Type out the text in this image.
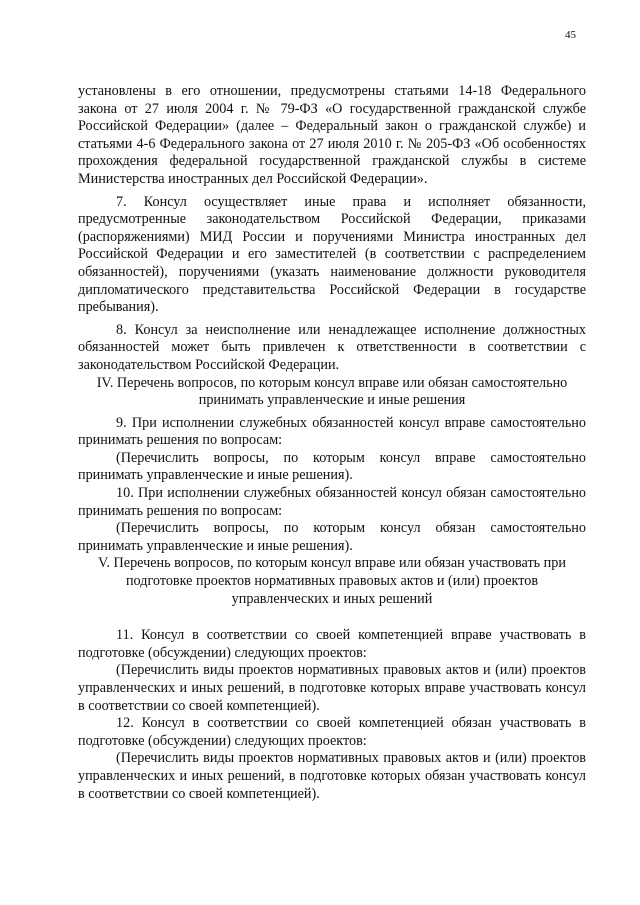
45

установлены в его отношении, предусмотрены статьями 14-18 Федерального закона от 27 июля 2004 г. № 79-ФЗ «О государственной гражданской службе Российской Федерации» (далее – Федеральный закон о гражданской службе) и статьями 4-6 Федерального закона от 27 июля 2010 г. № 205-ФЗ «Об особенностях прохождения федеральной государственной гражданской службы в системе Министерства иностранных дел Российской Федерации».

7. Консул осуществляет иные права и исполняет обязанности, предусмотренные законодательством Российской Федерации, приказами (распоряжениями) МИД России и поручениями Министра иностранных дел Российской Федерации и его заместителей (в соответствии с распределением обязанностей), поручениями (указать наименование должности руководителя дипломатического представительства Российской Федерации в государстве пребывания).

8. Консул за неисполнение или ненадлежащее исполнение должностных обязанностей может быть привлечен к ответственности в соответствии с законодательством Российской Федерации.

IV. Перечень вопросов, по которым консул вправе или обязан самостоятельно принимать управленческие и иные решения

9. При исполнении служебных обязанностей консул вправе самостоятельно принимать решения по вопросам:

(Перечислить вопросы, по которым консул вправе самостоятельно принимать управленческие и иные решения).

10. При исполнении служебных обязанностей консул обязан самостоятельно принимать решения по вопросам:

(Перечислить вопросы, по которым консул обязан самостоятельно принимать управленческие и иные решения).

V. Перечень вопросов, по которым консул вправе или обязан участвовать при подготовке проектов нормативных правовых актов и (или) проектов управленческих и иных решений

11. Консул в соответствии со своей компетенцией вправе участвовать в подготовке (обсуждении) следующих проектов:

(Перечислить виды проектов нормативных правовых актов и (или) проектов управленческих и иных решений, в подготовке которых вправе участвовать консул в соответствии со своей компетенцией).

12. Консул в соответствии со своей компетенцией обязан участвовать в подготовке (обсуждении) следующих проектов:

(Перечислить виды проектов нормативных правовых актов и (или) проектов управленческих и иных решений, в подготовке которых обязан участвовать консул в соответствии со своей компетенцией).
